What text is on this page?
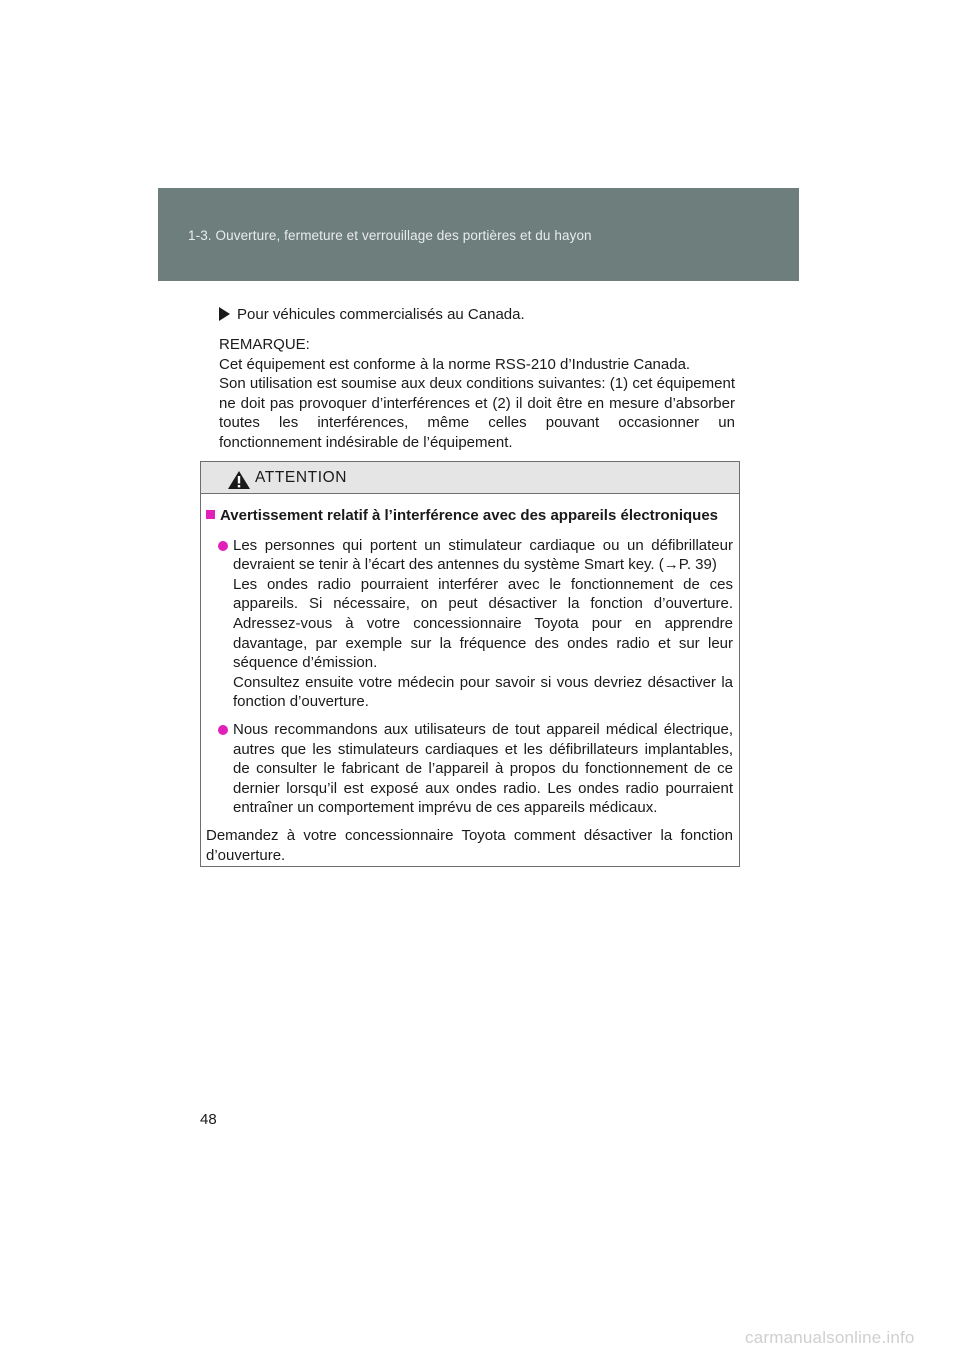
1-3. Ouverture, fermeture et verrouillage des portières et du hayon
Pour véhicules commercialisés au Canada.
REMARQUE:
Cet équipement est conforme à la norme RSS-210 d’Industrie Canada.
Son utilisation est soumise aux deux conditions suivantes: (1) cet équipement ne doit pas provoquer d’interférences et (2) il doit être en mesure d’absorber toutes les interférences, même celles pouvant occasionner un fonctionnement indésirable de l’équipement.
ATTENTION
Avertissement relatif à l’interférence avec des appareils électroniques

Les personnes qui portent un stimulateur cardiaque ou un défibrillateur devraient se tenir à l’écart des antennes du système Smart key. (→P. 39)

Les ondes radio pourraient interférer avec le fonctionnement de ces appareils. Si nécessaire, on peut désactiver la fonction d’ouverture. Adressez-vous à votre concessionnaire Toyota pour en apprendre davantage, par exemple sur la fréquence des ondes radio et sur leur séquence d’émission.

Consultez ensuite votre médecin pour savoir si vous devriez désactiver la fonction d’ouverture.

Nous recommandons aux utilisateurs de tout appareil médical électrique, autres que les stimulateurs cardiaques et les défibrillateurs implantables, de consulter le fabricant de l’appareil à propos du fonctionnement de ce dernier lorsqu’il est exposé aux ondes radio. Les ondes radio pourraient entraîner un comportement imprévu de ces appareils médicaux.

Demandez à votre concessionnaire Toyota comment désactiver la fonction d’ouverture.
48
carmanualsonline.info
